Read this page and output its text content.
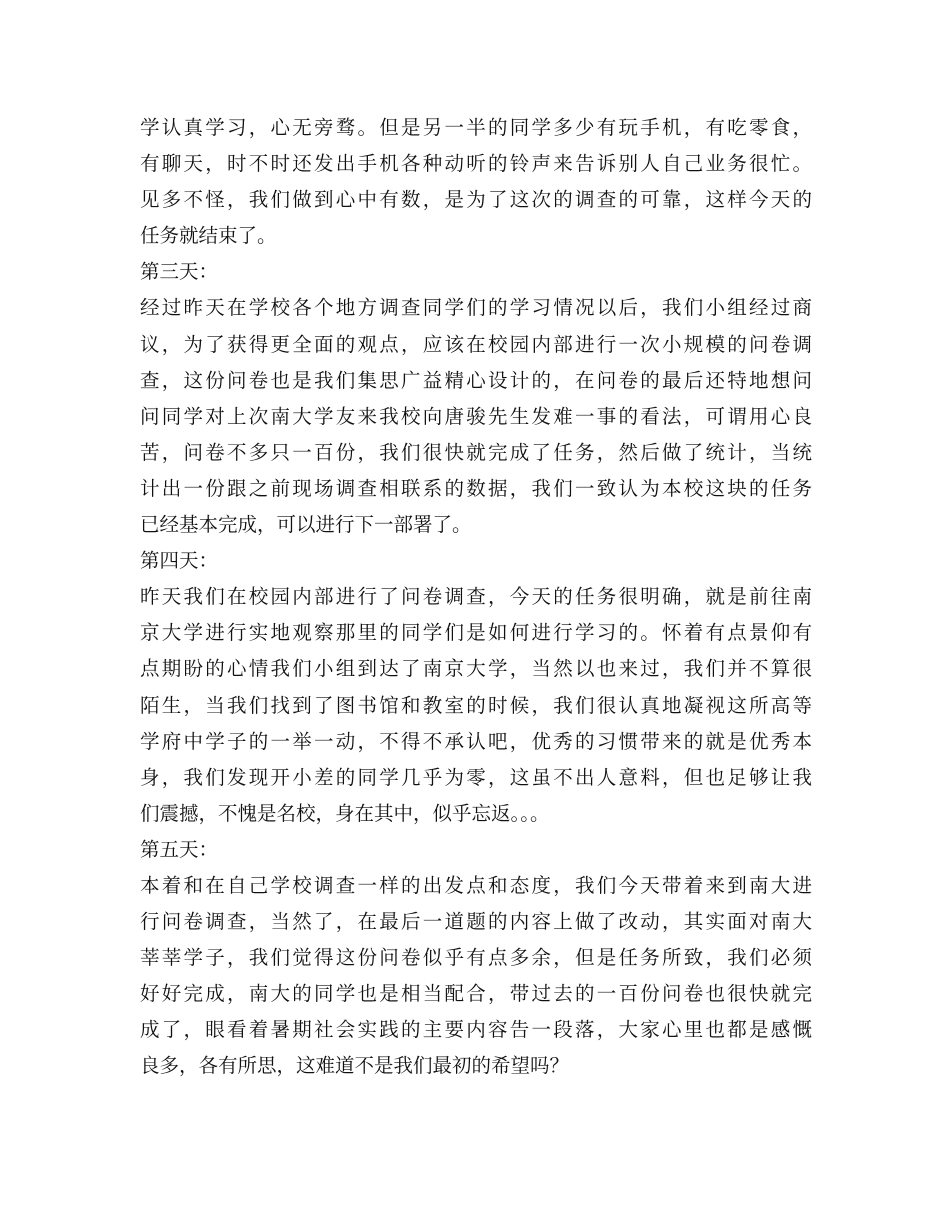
学认真学习，心无旁骛。但是另一半的同学多少有玩手机，有吃零食，
有聊天，时不时还发出手机各种动听的铃声来告诉别人自己业务很忙。
见多不怪，我们做到心中有数，是为了这次的调查的可靠，这样今天的
任务就结束了。
第三天：
经过昨天在学校各个地方调查同学们的学习情况以后，我们小组经过商
议，为了获得更全面的观点，应该在校园内部进行一次小规模的问卷调
查，这份问卷也是我们集思广益精心设计的，在问卷的最后还特地想问
问同学对上次南大学友来我校向唐骏先生发难一事的看法，可谓用心良
苦，问卷不多只一百份，我们很快就完成了任务，然后做了统计，当统
计出一份跟之前现场调查相联系的数据，我们一致认为本校这块的任务
已经基本完成，可以进行下一部署了。
第四天：
昨天我们在校园内部进行了问卷调查，今天的任务很明确，就是前往南
京大学进行实地观察那里的同学们是如何进行学习的。怀着有点景仰有
点期盼的心情我们小组到达了南京大学，当然以也来过，我们并不算很
陌生，当我们找到了图书馆和教室的时候，我们很认真地凝视这所高等
学府中学子的一举一动，不得不承认吧，优秀的习惯带来的就是优秀本
身，我们发现开小差的同学几乎为零，这虽不出人意料，但也足够让我
们震撼，不愧是名校，身在其中，似乎忘返。。。
第五天：
本着和在自己学校调查一样的出发点和态度，我们今天带着来到南大进
行问卷调查，当然了，在最后一道题的内容上做了改动，其实面对南大
莘莘学子，我们觉得这份问卷似乎有点多余，但是任务所致，我们必须
好好完成，南大的同学也是相当配合，带过去的一百份问卷也很快就完
成了，眼看着暑期社会实践的主要内容告一段落，大家心里也都是感慨
良多，各有所思，这难道不是我们最初的希望吗？
